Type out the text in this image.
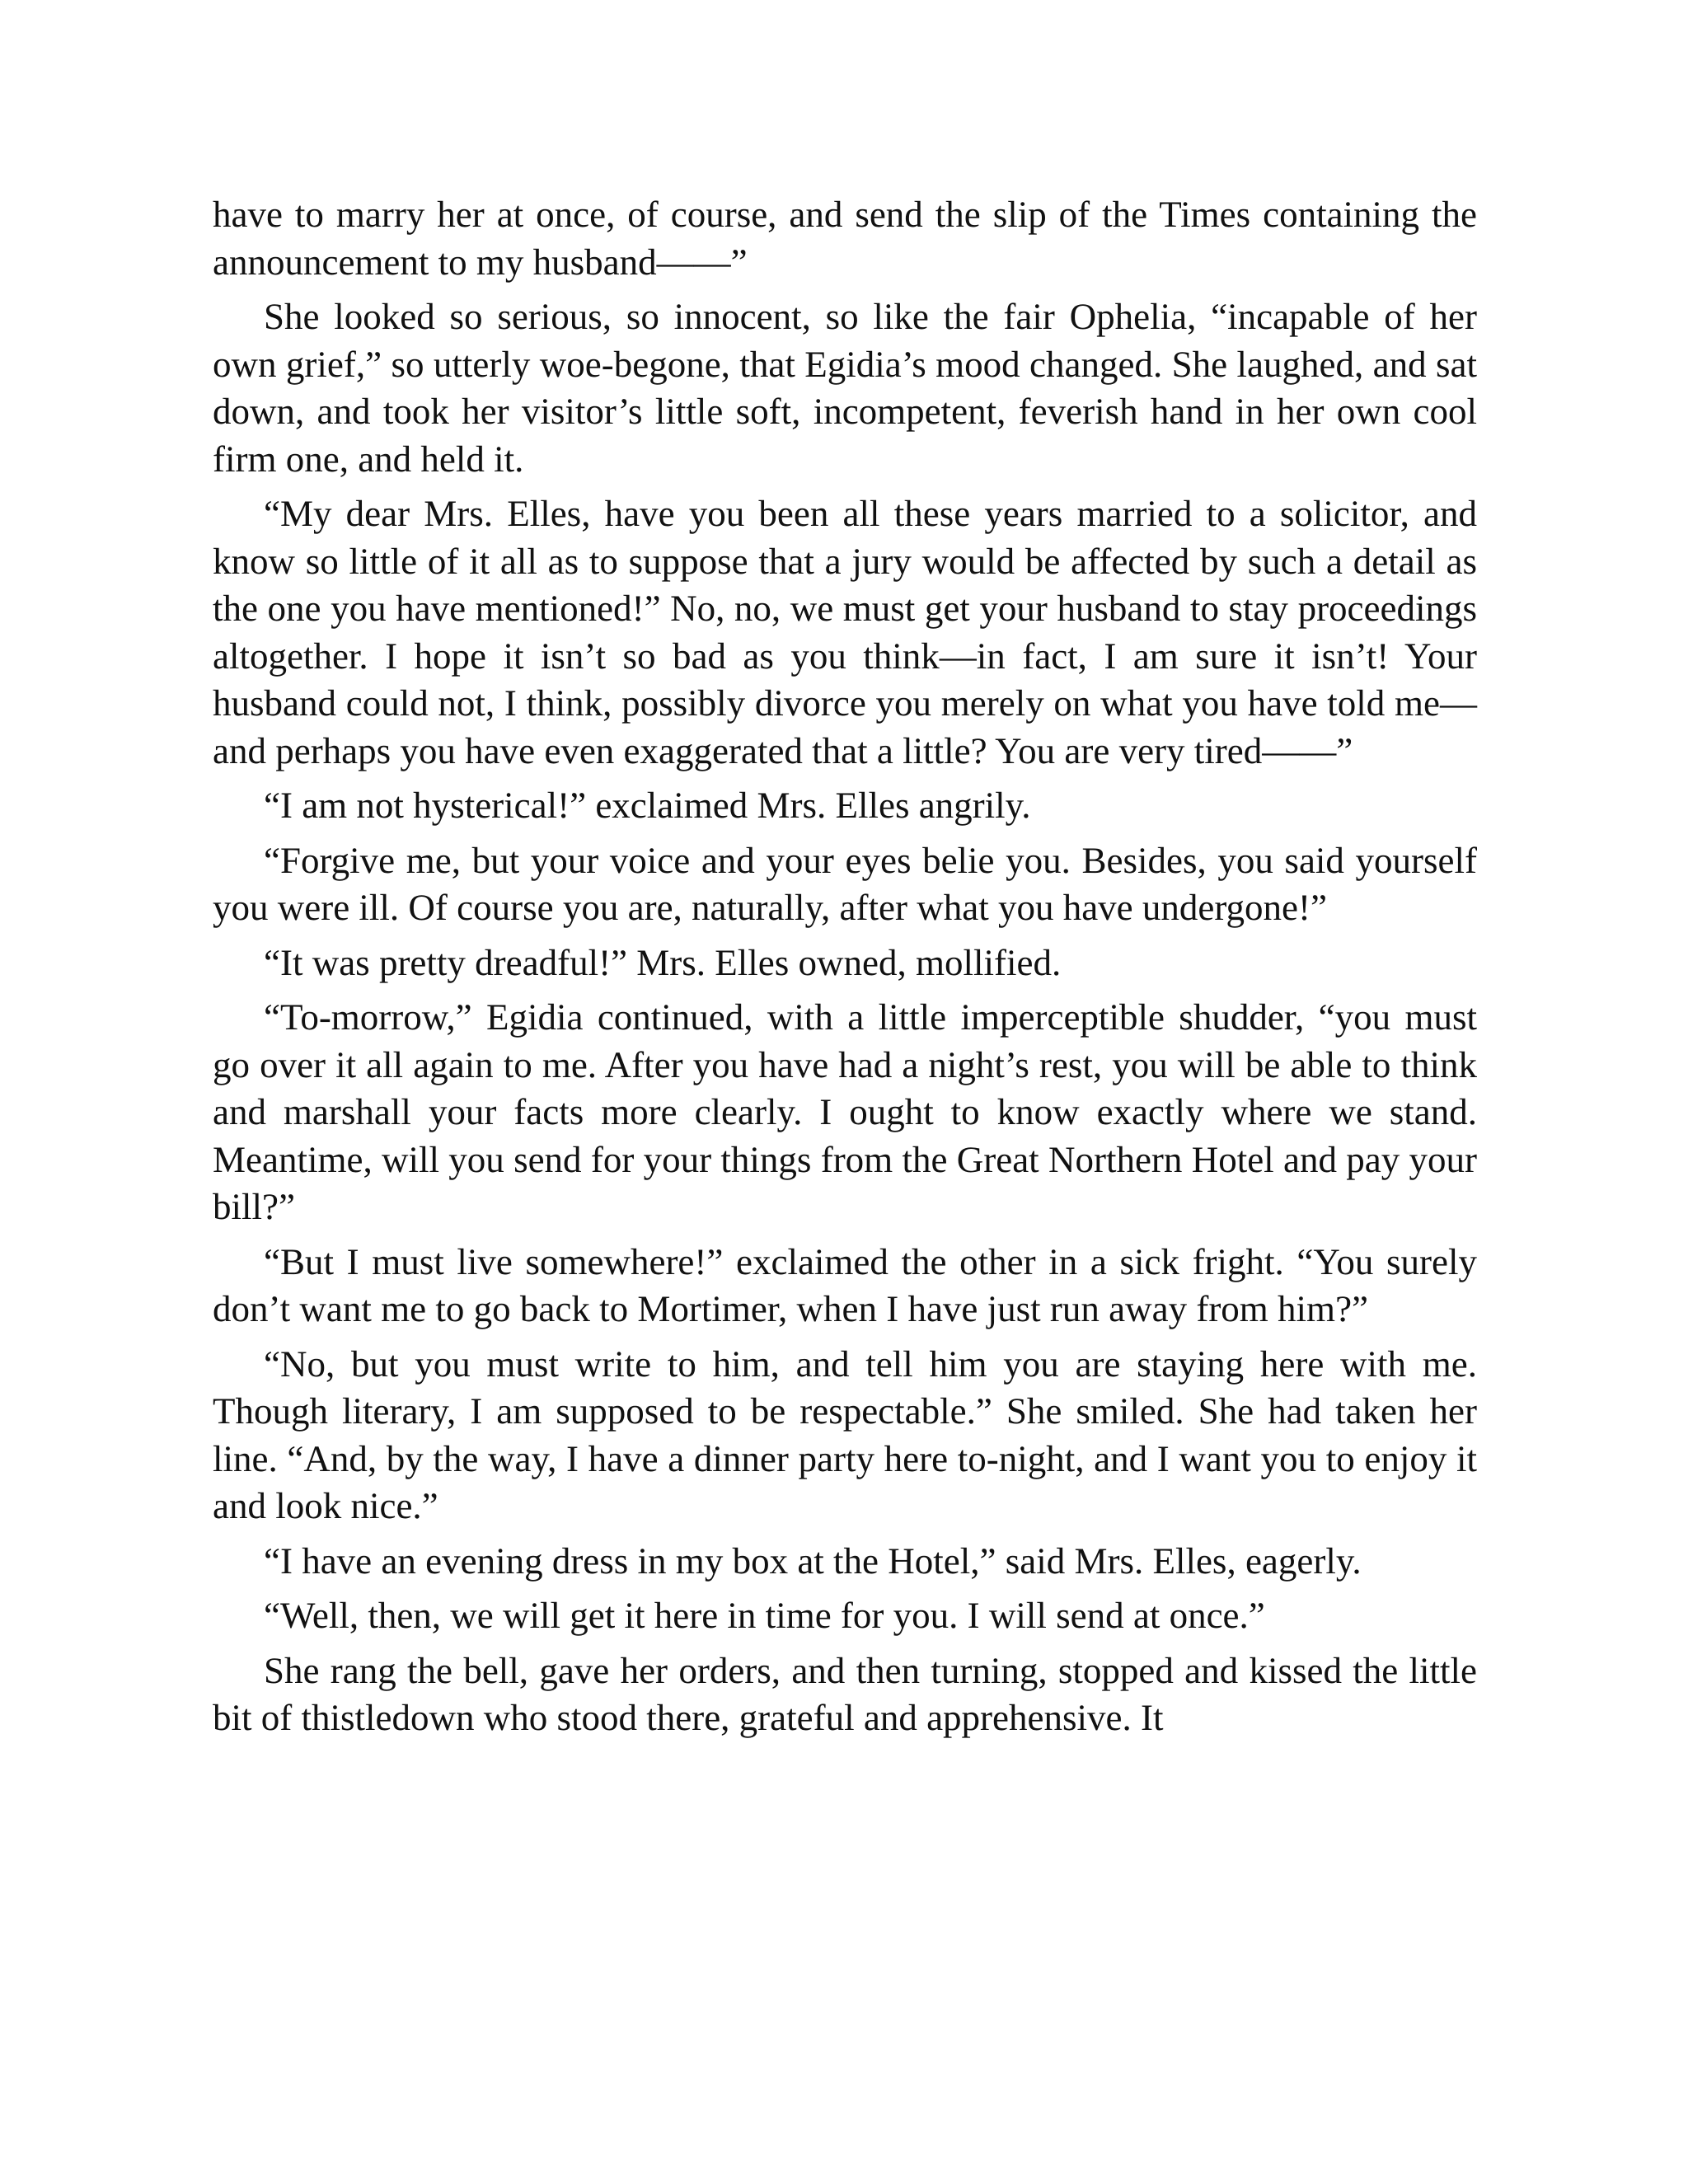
have to marry her at once, of course, and send the slip of the Times containing the announcement to my husband——”

She looked so serious, so innocent, so like the fair Ophelia, “incapable of her own grief,” so utterly woe-begone, that Egidia’s mood changed. She laughed, and sat down, and took her visitor’s little soft, incompetent, feverish hand in her own cool firm one, and held it.

“My dear Mrs. Elles, have you been all these years married to a solicitor, and know so little of it all as to suppose that a jury would be affected by such a detail as the one you have mentioned!” No, no, we must get your husband to stay proceedings altogether. I hope it isn’t so bad as you think—in fact, I am sure it isn’t! Your husband could not, I think, possibly divorce you merely on what you have told me—and perhaps you have even exaggerated that a little? You are very tired——”

“I am not hysterical!” exclaimed Mrs. Elles angrily.

“Forgive me, but your voice and your eyes belie you. Besides, you said yourself you were ill. Of course you are, naturally, after what you have undergone!”

“It was pretty dreadful!” Mrs. Elles owned, mollified.

“To-morrow,” Egidia continued, with a little imperceptible shudder, “you must go over it all again to me. After you have had a night’s rest, you will be able to think and marshall your facts more clearly. I ought to know exactly where we stand. Meantime, will you send for your things from the Great Northern Hotel and pay your bill?”

“But I must live somewhere!” exclaimed the other in a sick fright. “You surely don’t want me to go back to Mortimer, when I have just run away from him?”

“No, but you must write to him, and tell him you are staying here with me. Though literary, I am supposed to be respectable.” She smiled. She had taken her line. “And, by the way, I have a dinner party here to-night, and I want you to enjoy it and look nice.”

“I have an evening dress in my box at the Hotel,” said Mrs. Elles, eagerly.

“Well, then, we will get it here in time for you. I will send at once.”

She rang the bell, gave her orders, and then turning, stopped and kissed the little bit of thistledown who stood there, grateful and apprehensive. It
